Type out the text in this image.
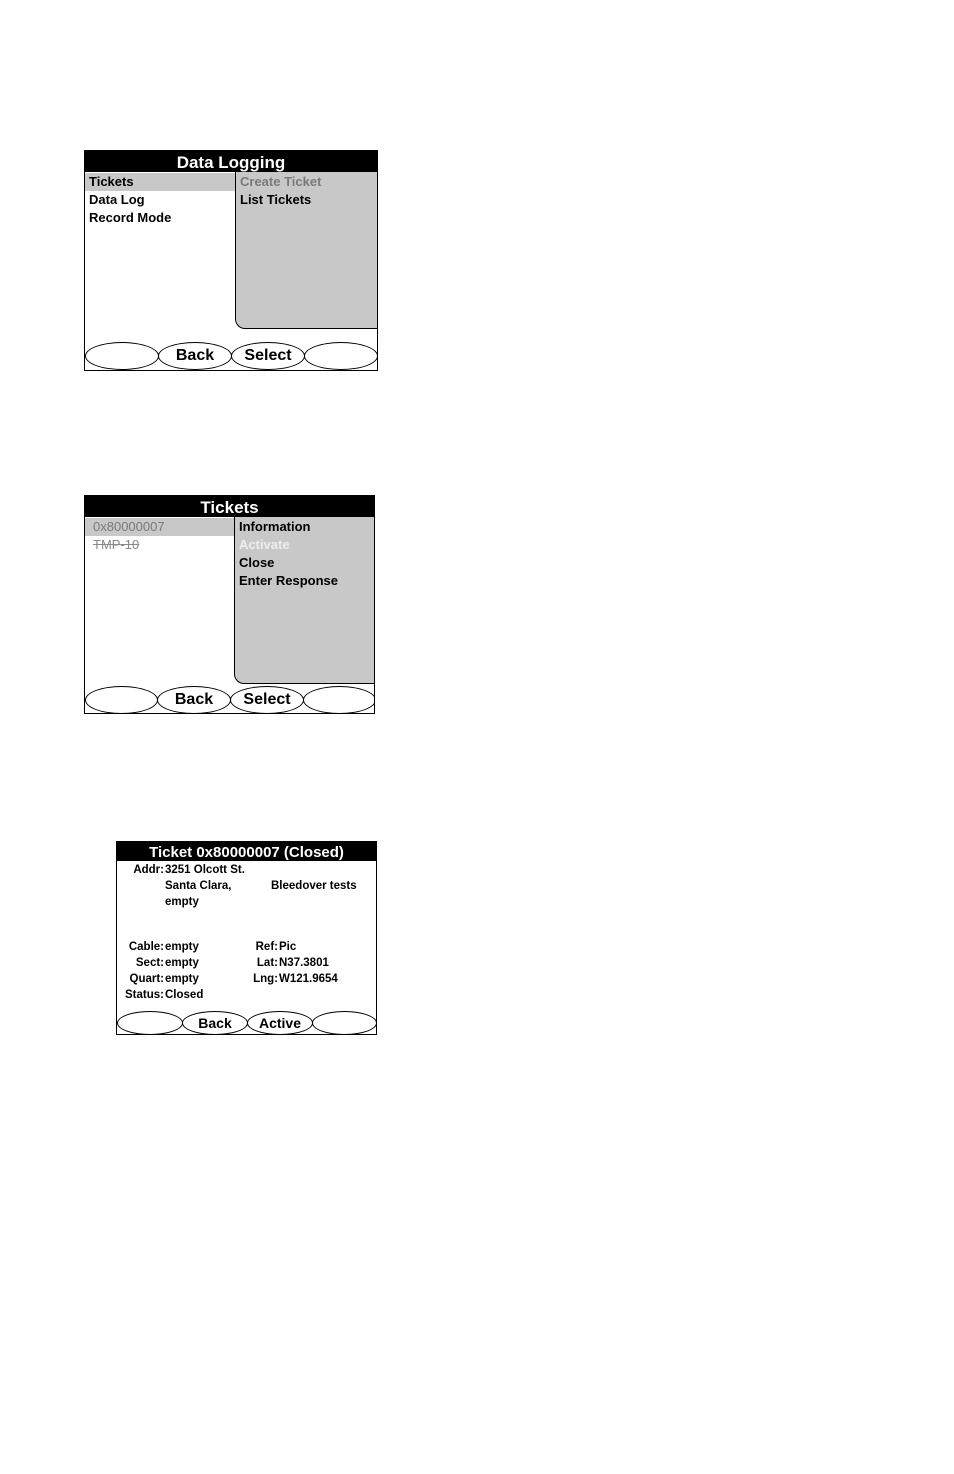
Data Logging
Tickets
Data Log
Record Mode
Create Ticket
List Tickets
Back	Select
Tickets
0x80000007
TMP-10
Information
Activate
Close
Enter Response
Back	Select
Ticket 0x80000007 (Closed)
Addr: 3251 Olcott St.
Santa Clara,
empty
Bleedover tests
Cable: empty
Sect: empty
Quart: empty
Status: Closed
Ref: Pic
Lat: N37.3801
Lng: W121.9654
Back	Active
